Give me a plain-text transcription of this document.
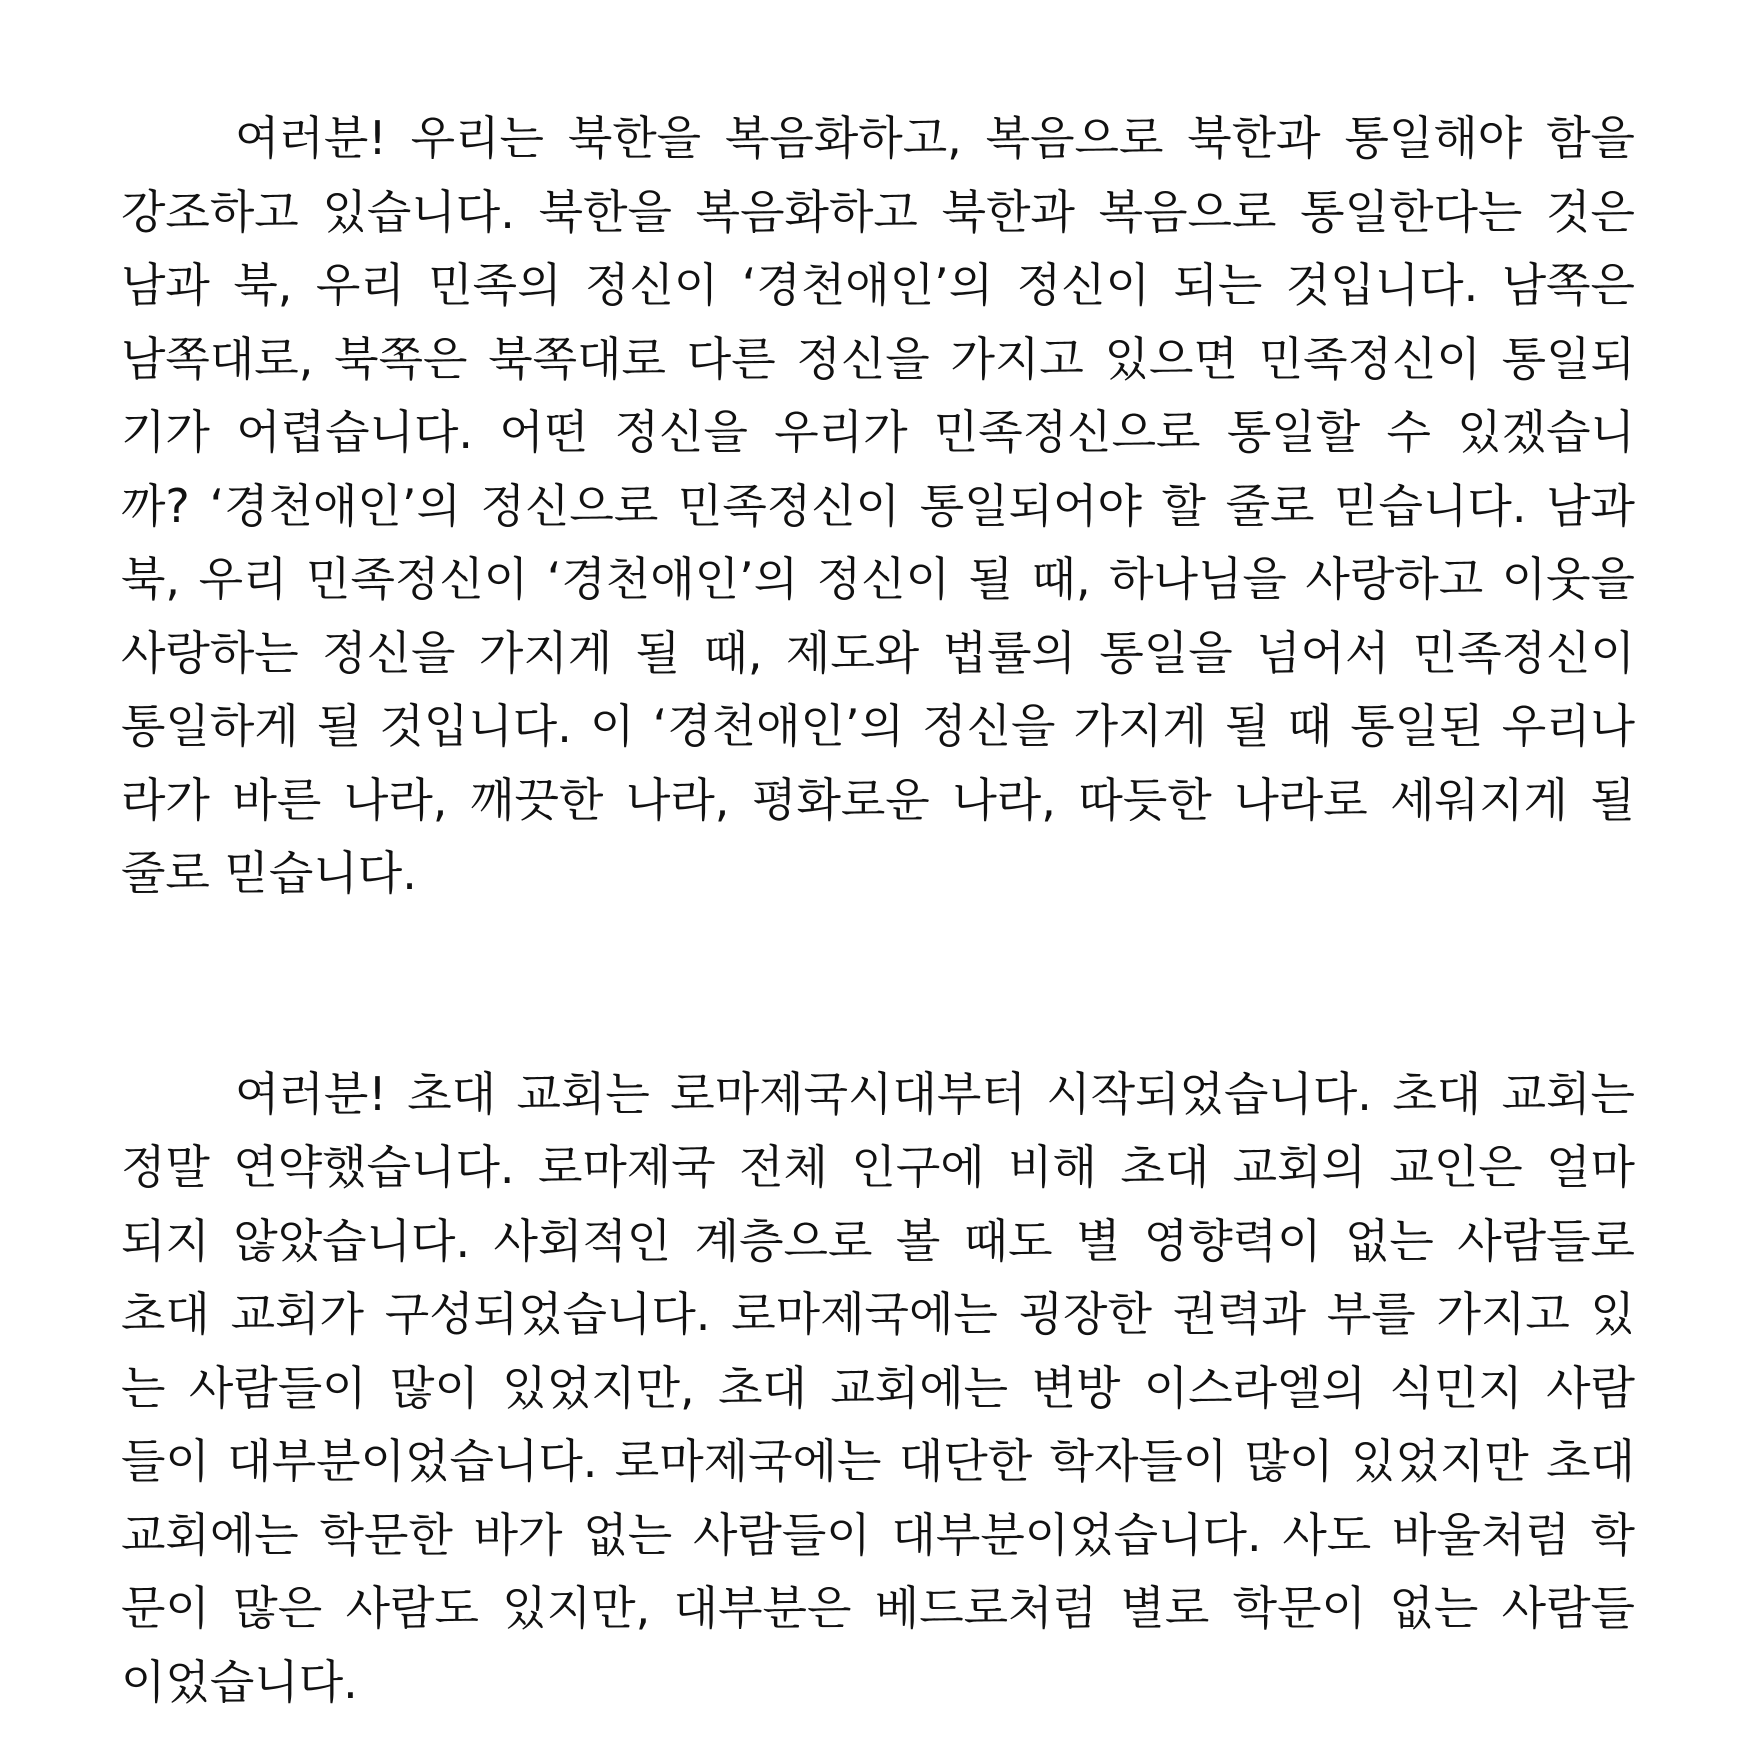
여러분! 우리는 북한을 복음화하고, 복음으로 북한과 통일해야 함을
강조하고 있습니다. 북한을 복음화하고 북한과 복음으로 통일한다는 것은
남과 북, 우리 민족의 정신이 ‘경천애인’의 정신이 되는 것입니다. 남쪽은
남쪽대로, 북쪽은 북쪽대로 다른 정신을 가지고 있으면 민족정신이 통일되
기가 어렵습니다. 어떤 정신을 우리가 민족정신으로 통일할 수 있겠습니
까? ‘경천애인’의 정신으로 민족정신이 통일되어야 할 줄로 믿습니다. 남과
북, 우리 민족정신이 ‘경천애인’의 정신이 될 때, 하나님을 사랑하고 이웃을
사랑하는 정신을 가지게 될 때, 제도와 법률의 통일을 넘어서 민족정신이
통일하게 될 것입니다. 이 ‘경천애인’의 정신을 가지게 될 때 통일된 우리나
라가 바른 나라, 깨끗한 나라, 평화로운 나라, 따듯한 나라로 세워지게 될
줄로 믿습니다.
여러분! 초대 교회는 로마제국시대부터 시작되었습니다. 초대 교회는
정말 연약했습니다. 로마제국 전체 인구에 비해 초대 교회의 교인은 얼마
되지 않았습니다. 사회적인 계층으로 볼 때도 별 영향력이 없는 사람들로
초대 교회가 구성되었습니다. 로마제국에는 굉장한 권력과 부를 가지고 있
는 사람들이 많이 있었지만, 초대 교회에는 변방 이스라엘의 식민지 사람
들이 대부분이었습니다. 로마제국에는 대단한 학자들이 많이 있었지만 초대
교회에는 학문한 바가 없는 사람들이 대부분이었습니다. 사도 바울처럼 학
문이 많은 사람도 있지만, 대부분은 베드로처럼 별로 학문이 없는 사람들
이었습니다.
